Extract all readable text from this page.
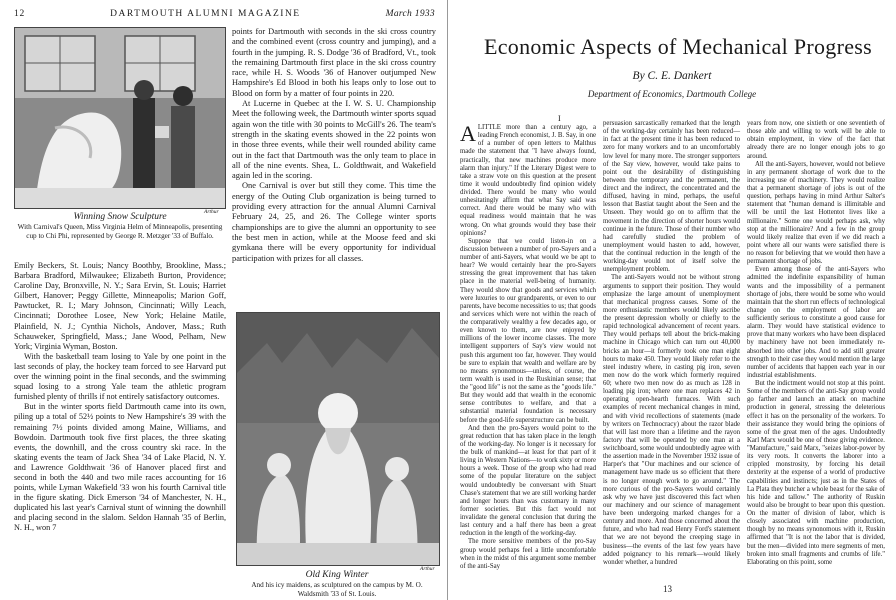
12	DARTMOUTH ALUMNI MAGAZINE	March 1933
Arthur
Winning Snow Sculpture
With Carnival's Queen, Miss Virginia Helm of Minneapolis, presenting cup to Chi Phi, represented by George R. Metzger '33 of Buffalo.

Emily Beckers, St. Louis; Nancy Boothby, Brookline, Mass.; Barbara Bradford, Milwaukee; Elizabeth Burton, Providence; Caroline Day, Bronxville, N. Y.; Sara Ervin, St. Louis; Harriet Gilbert, Hanover; Peggy Gillette, Minneapolis; Marion Goff, Pawtucket, R. I.; Mary Johnson, Cincinnati; Willy Leach, Cincinnati; Dorothee Losee, New York; Helaine Matile, Plainfield, N. J.; Cynthia Nichols, Andover, Mass.; Ruth Schauweker, Springfield, Mass.; Jane Wood, Pelham, New York; Virginia Wyman, Boston.

With the basketball team losing to Yale by one point in the last seconds of play, the hockey team forced to see Harvard put over the winning point in the final seconds, and the swimming squad losing to a strong Yale team the athletic program furnished plenty of thrills if not entirely satisfactory outcomes.

But in the winter sports field Dartmouth came into its own, piling up a total of 52½ points to New Hampshire's 39 with the remaining 7½ points divided among Maine, Williams, and Bowdoin. Dartmouth took five first places, the three skating events, the downhill, and the cross country ski race. In the skating events the team of Jack Shea '34 of Lake Placid, N. Y. and Lawrence Goldthwait '36 of Hanover placed first and second in both the 440 and two mile races accounting for 16 points, while Lyman Wakefield '33 won his fourth Carnival title in the figure skating. Dick Emerson '34 of Manchester, N. H., duplicated his last year's Carnival stunt of winning the downhill and placing second in the slalom. Seldon Hannah '35 of Berlin, N. H., won 7

points for Dartmouth with seconds in the ski cross country and the combined event (cross country and jumping), and a fourth in the jumping. R. S. Dodge '36 of Bradford, Vt., took the remaining Dartmouth first place in the ski cross country race, while H. S. Woods '36 of Hanover outjumped New Hampshire's Ed Blood in both his leaps only to lose out to Blood on form by a matter of four points in 220.

At Lucerne in Quebec at the I. W. S. U. Championship Meet the following week, the Dartmouth winter sports squad again won the title with 30 points to McGill's 26. The team's strength in the skating events showed in the 22 points won in those three events, while their well rounded ability came out in the fact that Dartmouth was the only team to place in all of the nine events. Shea, L. Goldthwait, and Wakefield again led in the scoring.

One Carnival is over but still they come. This time the energy of the Outing Club organization is being turned to providing every attraction for the annual Alumni Carnival February 24, 25, and 26. The College winter sports championships are to give the alumni an opportunity to see the best men in action, while at the Moose feed and ski gymkana there will be every opportunity for individual participation with prizes for all classes.

Arthur
Old King Winter
And his icy maidens, as sculptured on the campus by M. O. Waldsmith '33 of St. Louis.
Economic Aspects of Mechanical Progress
By C. E. Dankert
Department of Economics, Dartmouth College
I

A LITTLE more than a century ago, a leading French economist, J. B. Say, in one of a number of open letters to Malthus made the statement that "I have always found, practically, that new machines produce more alarm than injury." If the Literary Digest were to take a straw vote on this question at the present time it would undoubtedly find opinion widely divided. There would be many who would unhesitatingly affirm that what Say said was correct. And there would be many who with equal readiness would maintain that he was wrong. On what grounds would they base their opinions?

Suppose that we could listen-in on a discussion between a number of pro-Sayers and a number of anti-Sayers, what would we be apt to hear? We would certainly hear the pro-Sayers stressing the great improvement that has taken place in the material well-being of humanity. They would show that goods and services which were luxuries to our grandparents, or even to our parents, have become necessities to us; that goods and services which were not within the reach of the comparatively wealthy a few decades ago, or even known to them, are now enjoyed by millions of the lower income classes. The more intelligent supporters of Say's view would not push this argument too far, however. They would be sure to explain that wealth and welfare are by no means synonomous—unless, of course, the term wealth is used in the Ruskinian sense; that the "good life" is not the same as the "goods life." But they would add that wealth in the economic sense contributes to welfare, and that a substantial material foundation is necessary before the good-life superstructure can be built.

And then the pro-Sayers would point to the great reduction that has taken place in the length of the working-day. No longer is it necessary for the bulk of mankind—at least for that part of it living in Western Nations—to work sixty or more hours a week. Those of the group who had read some of the popular literature on the subject would undoubtedly be conversant with Stuart Chase's statement that we are still working harder and longer hours than was customary in many former societies. But this fact would not invalidate the general conclusion that during the last century and a half there has been a great reduction in the length of the working-day.

The more sensitive members of the pro-Say group would perhaps feel a little uncomfortable when in the midst of this argument some member of the anti-Say

persuasion sarcastically remarked that the length of the working-day certainly has been reduced—in fact at the present time it has been reduced to zero for many workers and to an uncomfortably low level for many more. The stronger supporters of the Say view, however, would take pains to point out the desirability of distinguishing between the temporary and the permanent, the direct and the indirect, the concentrated and the diffused, having in mind, perhaps, the useful lesson that Bastiat taught about the Seen and the Unseen. They would go on to affirm that the movement in the direction of shorter hours would continue in the future. Those of their number who had carefully studied the problem of unemployment would hasten to add, however, that the continual reduction in the length of the working-day would not of itself solve the unemployment problem.

The anti-Sayers would not be without strong arguments to support their position. They would emphasize the large amount of unemployment that mechanical progress causes. Some of the more enthusiastic members would likely ascribe the present depression wholly or chiefly to the rapid technological advancement of recent years. They would perhaps tell about the brick-making machine in Chicago which can turn out 40,000 bricks an hour—it formerly took one man eight hours to make 450. They would likely refer to the steel industry where, in casting pig iron, seven men now do the work which formerly required 60; where two men now do as much as 128 in loading pig iron; where one man replaces 42 in operating open-hearth furnaces. With such examples of recent mechanical changes in mind, and with vivid recollections of statements (made by writers on Technocracy) about the razor blade that will last more than a lifetime and the rayon factory that will be operated by one man at a switchboard, some would undoubtedly agree with the assertion made in the November 1932 issue of Harper's that "Our machines and our science of management have made us so efficient that there is no longer enough work to go around." The more curious of the pro-Sayers would certainly ask why we have just discovered this fact when our machinery and our science of management have been undergoing marked changes for a century and more. And those concerned about the future, and who had read Henry Ford's statement that we are not beyond the creeping stage in business—the events of the last few years have added poignancy to his remark—would likely wonder whether, a hundred

years from now, one sixtieth or one seventieth of those able and willing to work will be able to obtain employment, in view of the fact that already there are no longer enough jobs to go around.

All the anti-Sayers, however, would not believe in any permanent shortage of work due to the increasing use of machinery. They would realize that a permanent shortage of jobs is out of the question, perhaps having in mind Arthur Salter's statement that "human demand is illimitable and will be until the last Hottentot lives like a millionaire." Some one would perhaps ask, why stop at the millionaire? And a few in the group would likely realize that even if we did reach a point where all our wants were satisfied there is no reason for believing that we would then have a permanent shortage of jobs.

Even among those of the anti-Sayers who admitted the indefinite expansibility of human wants and the impossibility of a permanent shortage of jobs, there would be some who would maintain that the short run effects of technological change on the employment of labor are sufficiently serious to constitute a good cause for alarm. They would have statistical evidence to prove that many workers who have been displaced by machinery have not been immediately re-absorbed into other jobs. And to add still greater strength to their case they would mention the large number of accidents that happen each year in our industrial establishments.

But the indictment would not stop at this point. Some of the members of the anti-Say group would go farther and launch an attack on machine production in general, stressing the deleterious effect it has on the personality of the workers. To their assistance they would bring the opinions of some of the great men of the ages. Undoubtedly Karl Marx would be one of those giving evidence. "Manufacture," said Marx, "seizes labor-power by its very roots. It converts the laborer into a crippled monstrosity, by forcing his detail dexterity at the expense of a world of productive capabilities and instincts; just as in the States of La Plata they butcher a whole beast for the sake of his hide and tallow." The authority of Ruskin would also be brought to bear upon this question. On the matter of division of labor, which is closely associated with machine production, though by no means synonomous with it, Ruskin affirmed that "It is not the labor that is divided, but the men—divided into mere segments of men, broken into small fragments and crumbs of life." Elaborating on this point, some

13
